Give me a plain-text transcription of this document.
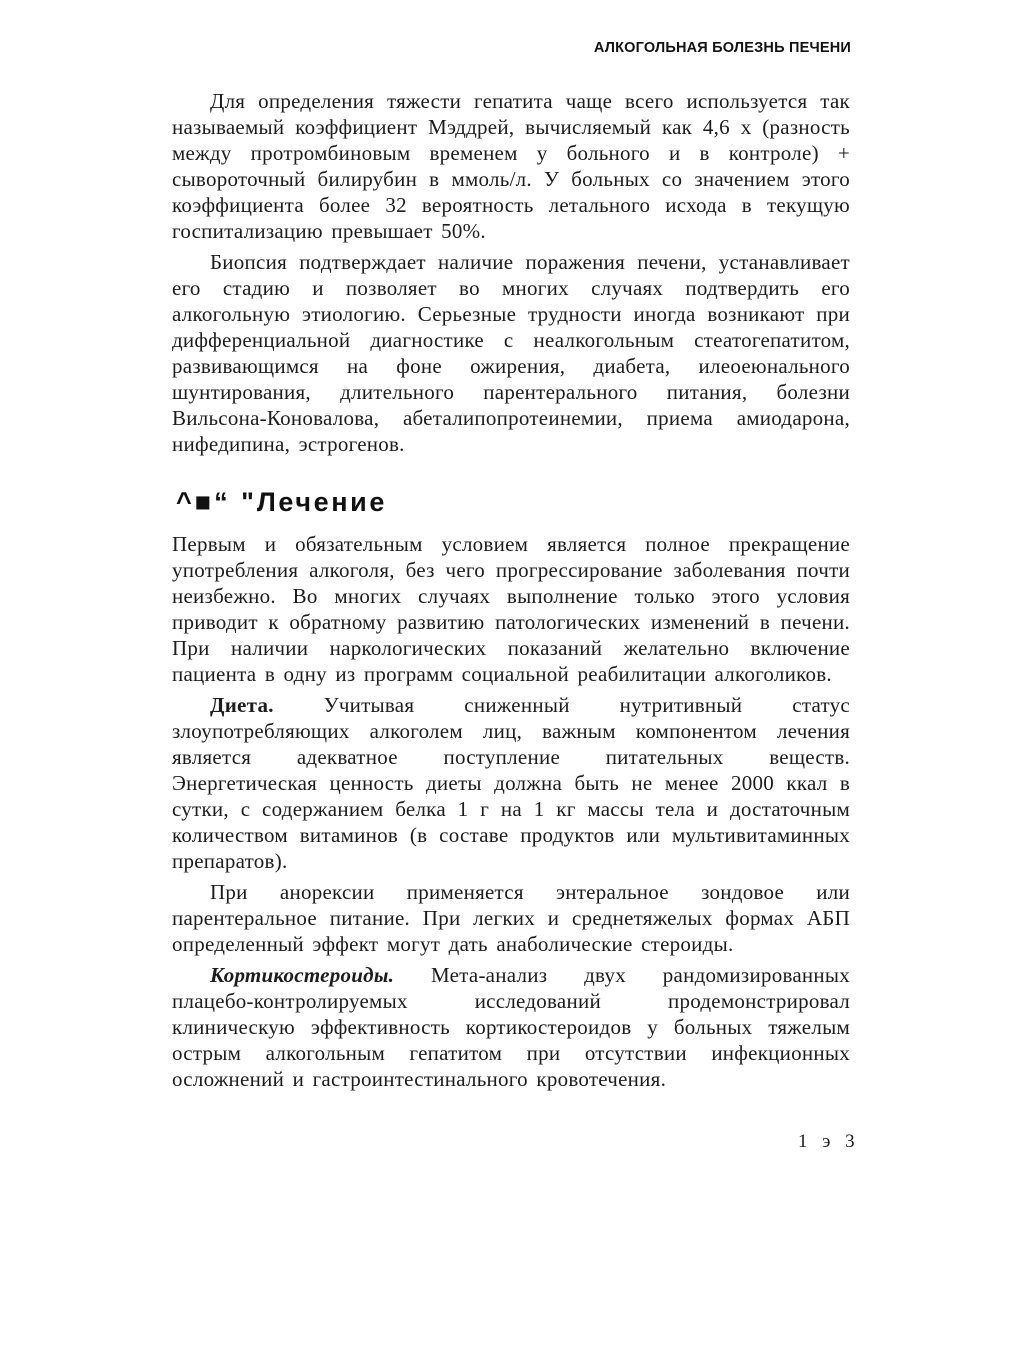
АЛКОГОЛЬНАЯ БОЛЕЗНЬ ПЕЧЕНИ

Для определения тяжести гепатита чаще всего используется так называемый коэффициент Мэддрей, вычисляемый как 4,6 х (разность между протромбиновым временем у больного и в контроле) + сывороточный билирубин в ммоль/л. У больных со значением этого коэффициента более 32 вероятность летального исхода в текущую госпитализацию превышает 50%.

Биопсия подтверждает наличие поражения печени, устанавливает его стадию и позволяет во многих случаях подтвердить его алкогольную этиологию. Серьезные трудности иногда возникают при дифференциальной диагностике с неалкогольным стеатогепатитом, развивающимся на фоне ожирения, диабета, илеоеюнального шунтирования, длительного парентерального питания, болезни Вильсона-Коновалова, абеталипопротеинемии, приема амиодарона, нифедипина, эстрогенов.

^■“ "Лечение

Первым и обязательным условием является полное прекращение употребления алкоголя, без чего прогрессирование заболевания почти неизбежно. Во многих случаях выполнение только этого условия приводит к обратному развитию патологических изменений в печени. При наличии наркологических показаний желательно включение пациента в одну из программ социальной реабилитации алкоголиков.

Диета. Учитывая сниженный нутритивный статус злоупотребляющих алкоголем лиц, важным компонентом лечения является адекватное поступление питательных веществ. Энергетическая ценность диеты должна быть не менее 2000 ккал в сутки, с содержанием белка 1 г на 1 кг массы тела и достаточным количеством витаминов (в составе продуктов или мультивитаминных препаратов).

При анорексии применяется энтеральное зондовое или парентеральное питание. При легких и среднетяжелых формах АБП определенный эффект могут дать анаболические стероиды.

Кортикостероиды. Мета-анализ двух рандомизированных плацебо-контролируемых исследований продемонстрировал клиническую эффективность кортикостероидов у больных тяжелым острым алкогольным гепатитом при отсутствии инфекционных осложнений и гастроинтестинального кровотечения.

1 э 3
